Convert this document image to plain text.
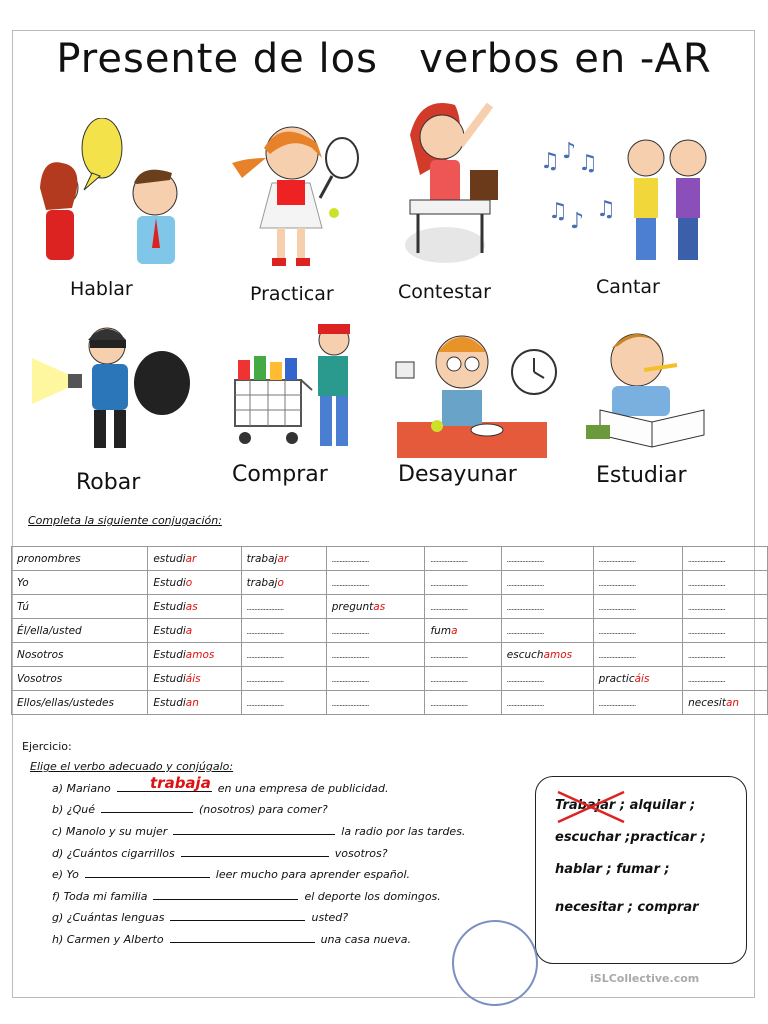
Presente de los   verbos en -AR
♫ ♪ ♫
♫ ♪ ♫
Hablar	Practicar	Contestar	Cantar
Robar	Comprar	Desayunar	Estudiar
Completa la siguiente conjugación:
pronombres	estudiar	trabajar	........................	........................	........................	........................	........................
Yo	Estudio	trabajo	........................	........................	........................	........................	........................
Tú	Estudias	........................	preguntas	........................	........................	........................	........................
Él/ella/usted	Estudia	........................	........................	fuma	........................	........................	........................
Nosotros	Estudiamos	........................	........................	........................	escuchamos	........................	........................
Vosotros	Estudiáis	........................	........................	........................	........................	practicáis	........................
Ellos/ellas/ustedes	Estudian	........................	........................	........................	........................	........................	necesitan
Ejercicio:
Elige el verbo adecuado y conjúgalo:
a) Mariano	en una empresa de publicidad.
b) ¿Qué	(nosotros) para comer?
c) Manolo y su mujer	la radio por las tardes.
d) ¿Cuántos cigarrillos	vosotros?
e) Yo	leer mucho para aprender español.
f) Toda mi familia	el deporte los domingos.
g) ¿Cuántas lenguas	usted?
h) Carmen y Alberto	una casa nueva.
trabaja
Trabajar ; alquilar ;
escuchar ;practicar ;
hablar ; fumar ;
necesitar ; comprar
iSLCollective.com
